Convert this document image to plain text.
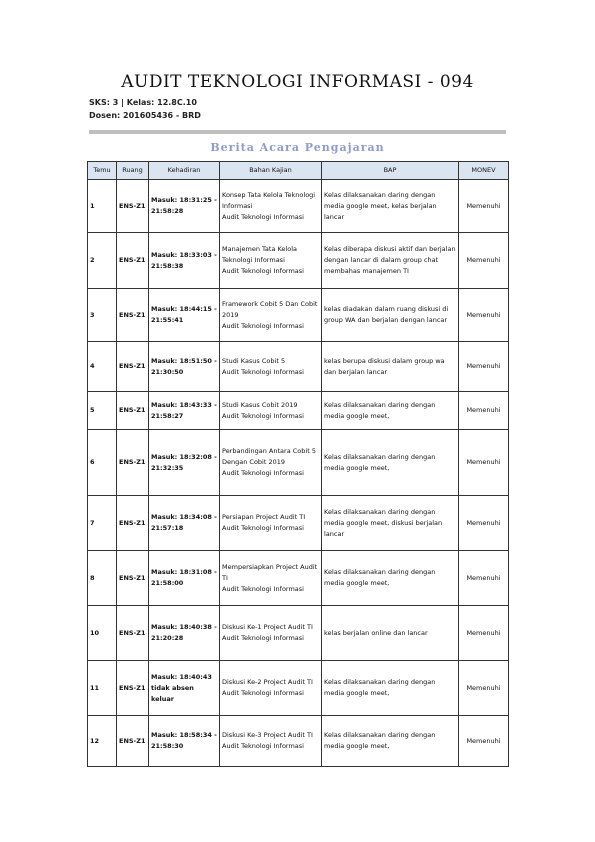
AUDIT TEKNOLOGI INFORMASI - 094
SKS: 3 | Kelas: 12.8C.10
Dosen: 201605436 - BRD
Berita Acara Pengajaran
Temu	Ruang	Kehadiran	Bahan Kajian	BAP	MONEV
1	ENS-Z1	Masuk: 18:31:25 - 21:58:28	Konsep Tata Kelola Teknologi Informasi
Audit Teknologi Informasi	Kelas dilaksanakan daring dengan media google meet, kelas berjalan lancar	Memenuhi
2	ENS-Z1	Masuk: 18:33:03 - 21:58:38	Manajemen Tata Kelola Teknologi Informasi
Audit Teknologi Informasi	Kelas diberapa diskusi aktif dan berjalan dengan lancar di dalam group chat membahas manajemen TI	Memenuhi
3	ENS-Z1	Masuk: 18:44:15 - 21:55:41	Framework Cobit 5 Dan Cobit 2019
Audit Teknologi Informasi	kelas diadakan dalam ruang diskusi di group WA dan berjalan dengan lancar	Memenuhi
4	ENS-Z1	Masuk: 18:51:50 - 21:30:50	Studi Kasus Cobit 5
Audit Teknologi Informasi	kelas berupa diskusi dalam group wa dan berjalan lancar	Memenuhi
5	ENS-Z1	Masuk: 18:43:33 - 21:58:27	Studi Kasus Cobit 2019
Audit Teknologi Informasi	Kelas dilaksanakan daring dengan media google meet,	Memenuhi
6	ENS-Z1	Masuk: 18:32:08 - 21:32:35	Perbandingan Antara Cobit 5 Dengan Cobit 2019
Audit Teknologi Informasi	Kelas dilaksanakan daring dengan media google meet,	Memenuhi
7	ENS-Z1	Masuk: 18:34:08 - 21:57:18	Persiapan Project Audit TI
Audit Teknologi Informasi	Kelas dilaksanakan daring dengan media google meet, diskusi berjalan lancar	Memenuhi
8	ENS-Z1	Masuk: 18:31:08 - 21:58:00	Mempersiapkan Project Audit TI
Audit Teknologi Informasi	Kelas dilaksanakan daring dengan media google meet,	Memenuhi
10	ENS-Z1	Masuk: 18:40:38 - 21:20:28	Diskusi Ke-1 Project Audit TI
Audit Teknologi Informasi	kelas berjalan online dan lancar	Memenuhi
11	ENS-Z1	Masuk: 18:40:43 tidak absen keluar	Diskusi Ke-2 Project Audit TI
Audit Teknologi Informasi	Kelas dilaksanakan daring dengan media google meet,	Memenuhi
12	ENS-Z1	Masuk: 18:58:34 - 21:58:30	Diskusi Ke-3 Project Audit TI
Audit Teknologi Informasi	Kelas dilaksanakan daring dengan media google meet,	Memenuhi
